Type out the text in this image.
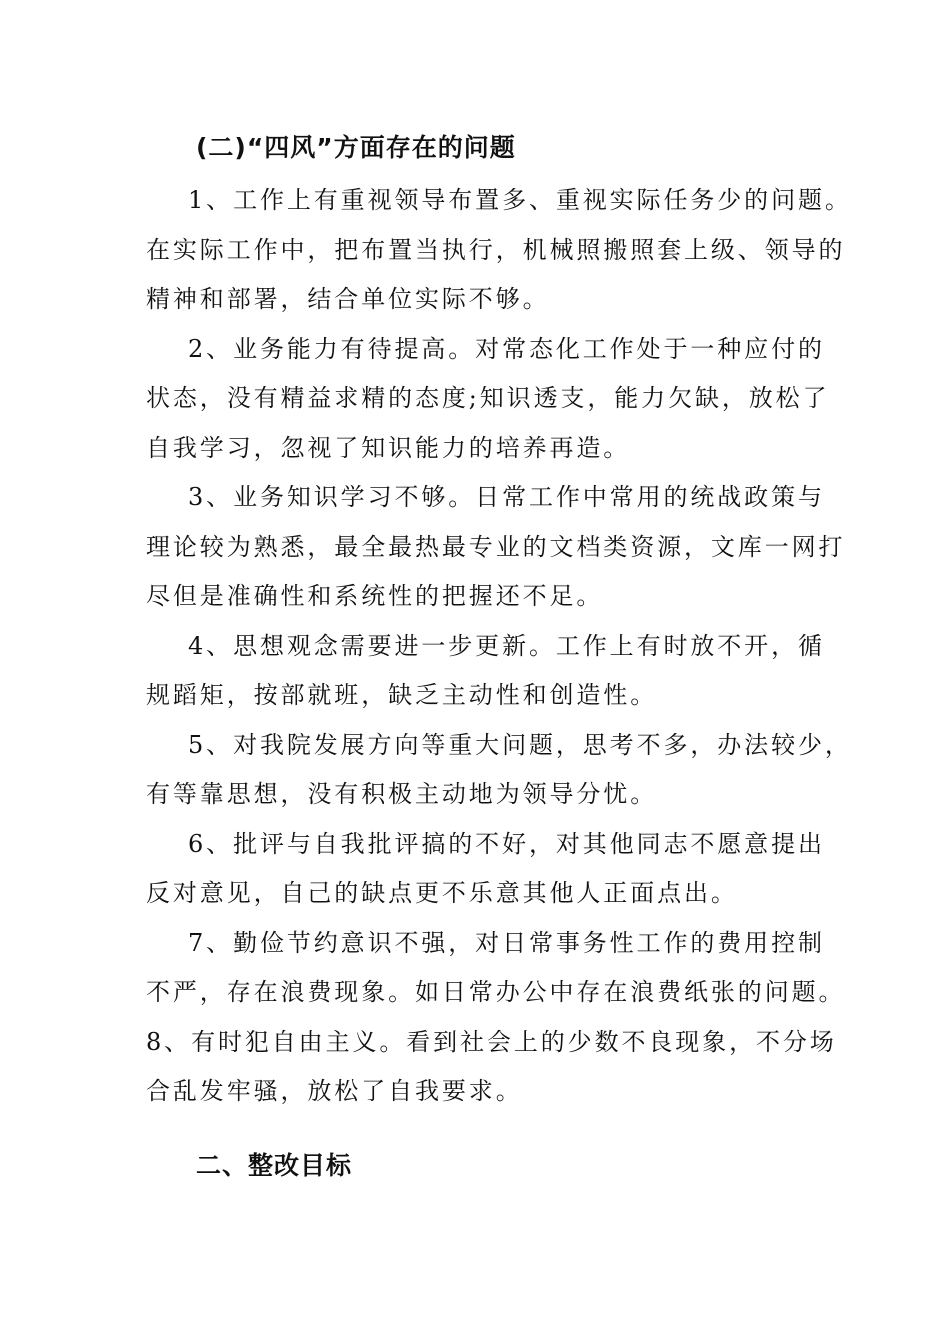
(二)“四风”方面存在的问题
1、工作上有重视领导布置多、重视实际任务少的问题。
在实际工作中，把布置当执行，机械照搬照套上级、领导的
精神和部署，结合单位实际不够。
2、业务能力有待提高。对常态化工作处于一种应付的
状态，没有精益求精的态度;知识透支，能力欠缺，放松了
自我学习，忽视了知识能力的培养再造。
3、业务知识学习不够。日常工作中常用的统战政策与
理论较为熟悉，最全最热最专业的文档类资源，文库一网打
尽但是准确性和系统性的把握还不足。
4、思想观念需要进一步更新。工作上有时放不开，循
规蹈矩，按部就班，缺乏主动性和创造性。
5、对我院发展方向等重大问题，思考不多，办法较少，
有等靠思想，没有积极主动地为领导分忧。
6、批评与自我批评搞的不好，对其他同志不愿意提出
反对意见，自己的缺点更不乐意其他人正面点出。
7、勤俭节约意识不强，对日常事务性工作的费用控制
不严，存在浪费现象。如日常办公中存在浪费纸张的问题。
8、有时犯自由主义。看到社会上的少数不良现象，不分场
合乱发牢骚，放松了自我要求。
二、整改目标
